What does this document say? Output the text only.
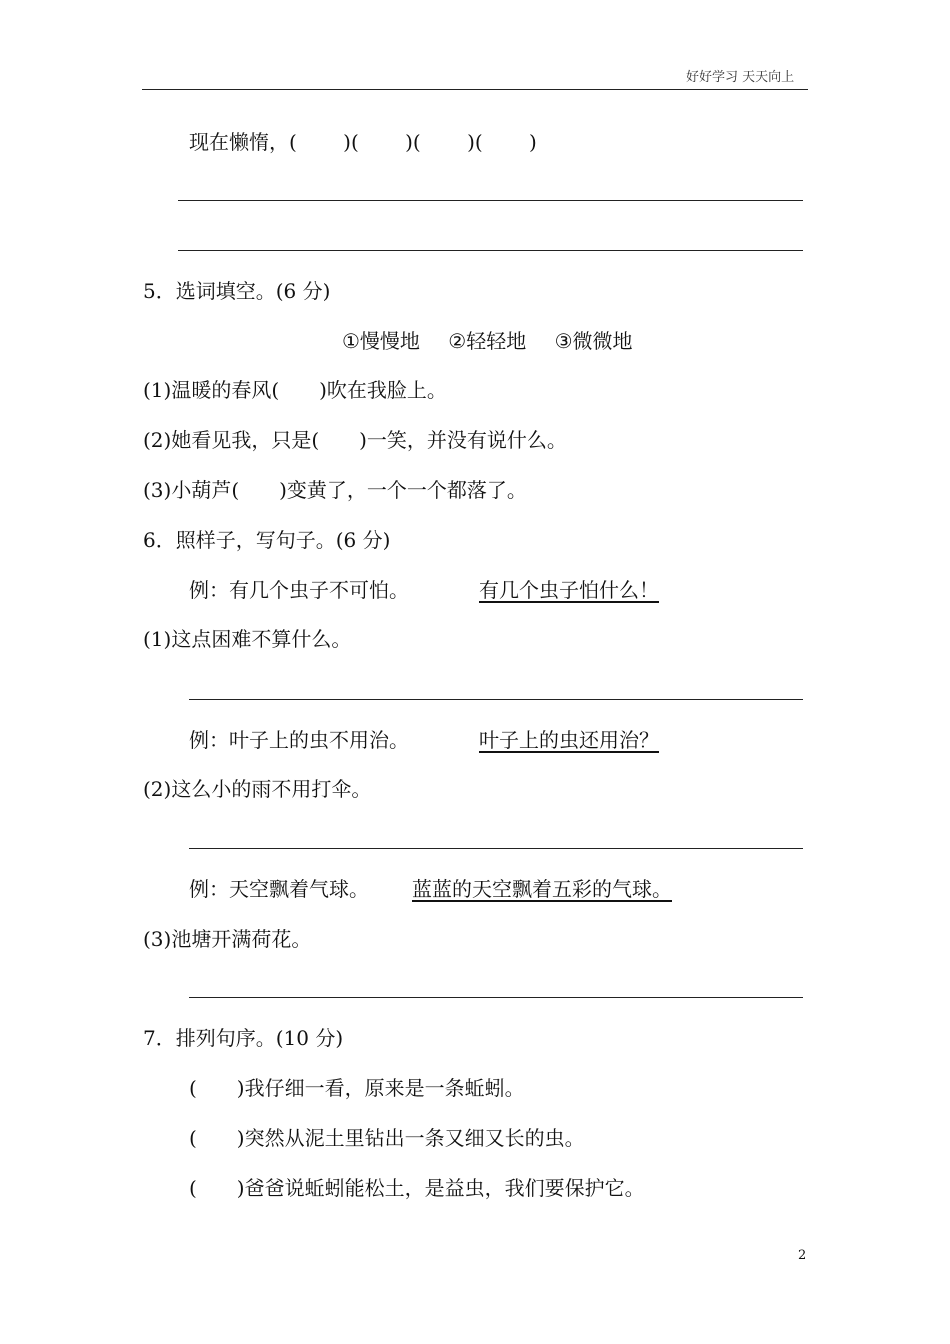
好好学习 天天向上
现在懒惰，(　　 )(　　 )(　　 )(　　 )
5．选词填空。(6 分)
①慢慢地 ②轻轻地 ③微微地
(1)温暖的春风(　　)吹在我脸上。
(2)她看见我，只是(　　)一笑，并没有说什么。
(3)小葫芦(　　)变黄了，一个一个都落了。
6．照样子，写句子。(6 分)
例：有几个虫子不可怕。	有几个虫子怕什么！
(1)这点困难不算什么。
例：叶子上的虫不用治。	叶子上的虫还用治？
(2)这么小的雨不用打伞。
例：天空飘着气球。 蓝蓝的天空飘着五彩的气球。
(3)池塘开满荷花。
7．排列句序。(10 分)
(　　)我仔细一看，原来是一条蚯蚓。
(　　)突然从泥土里钻出一条又细又长的虫。
(　　)爸爸说蚯蚓能松土，是益虫，我们要保护它。
2
